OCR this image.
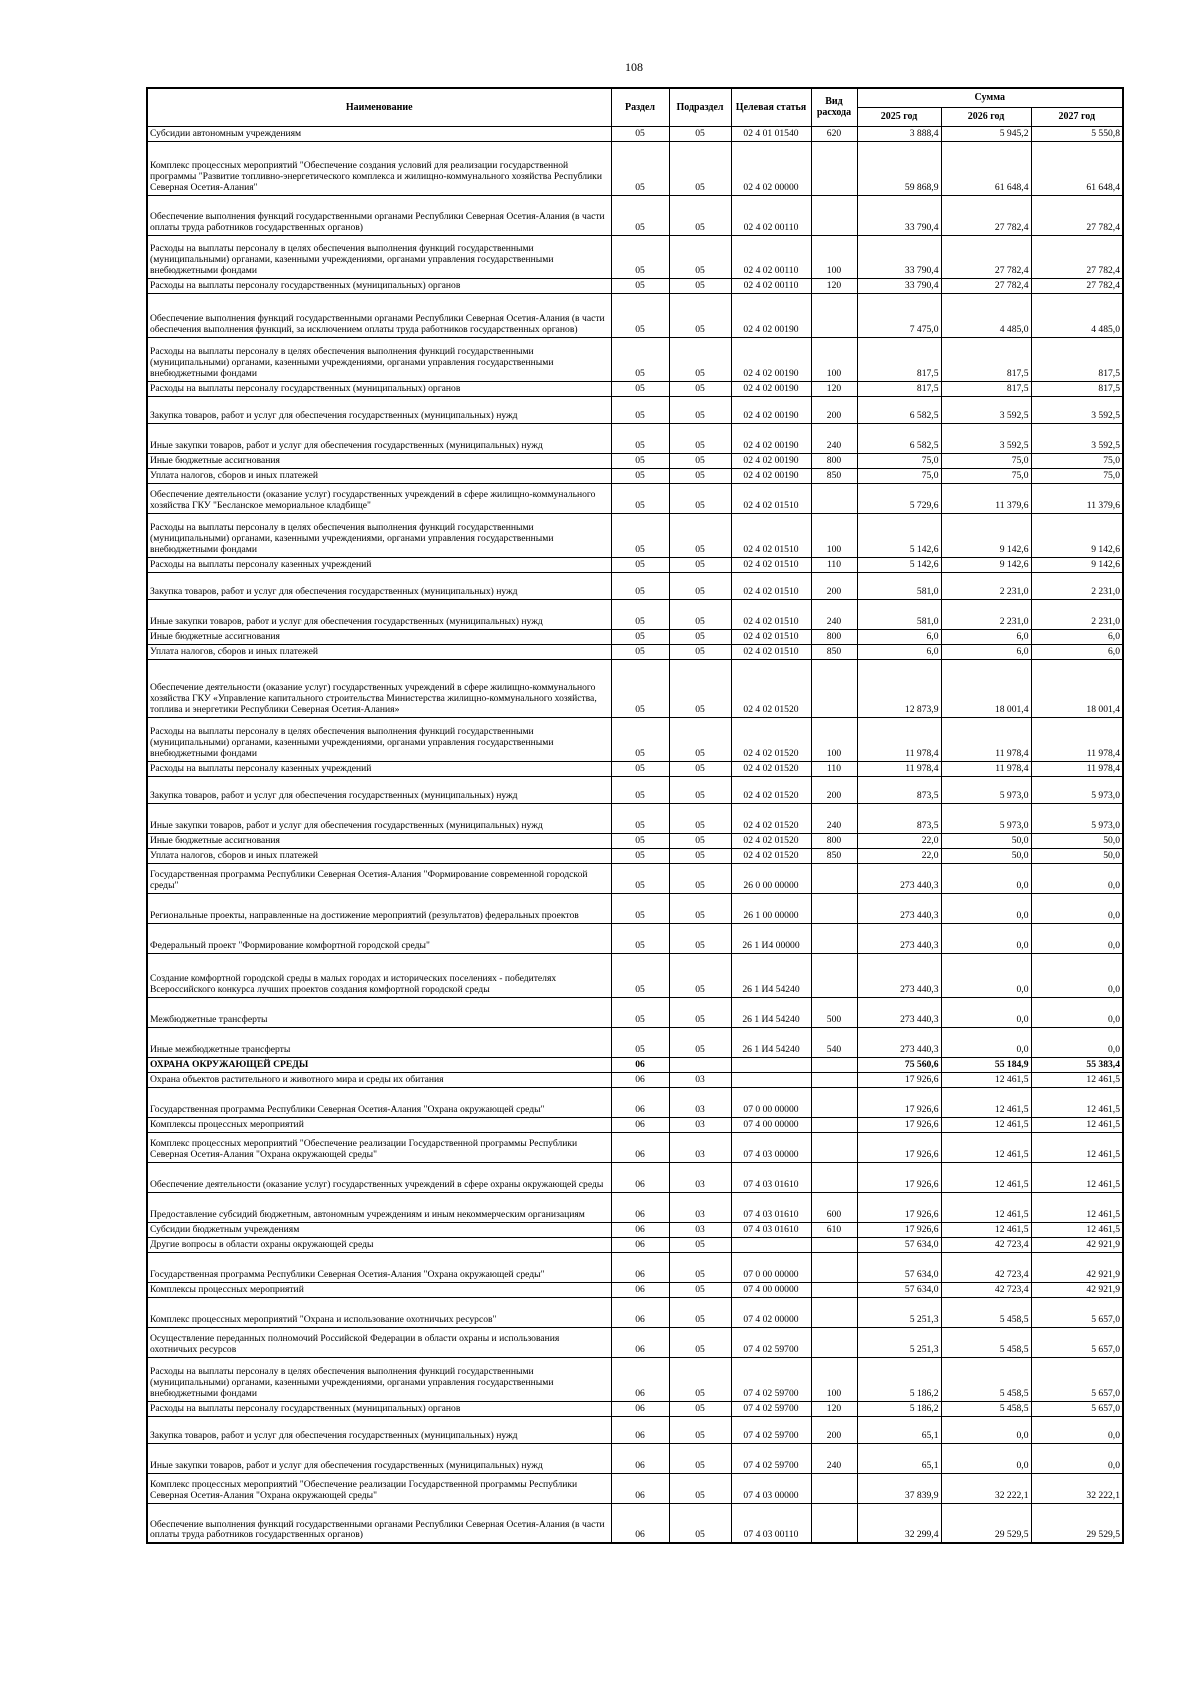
108
Наименование	Раздел	Подраздел	Целевая статья	Вид расхода	Сумма		
					2025 год	2026 год	2027 год
Субсидии автономным учреждениям	05	05	02 4 01 01540	620	3 888,4	5 945,2	5 550,8
Комплекс процессных мероприятий "Обеспечение создания условий для реализации государственной программы "Развитие топливно-энергетического комплекса и жилищно-коммунального хозяйства Республики Северная Осетия-Алания"	05	05	02 4 02 00000		59 868,9	61 648,4	61 648,4
Обеспечение выполнения функций государственными органами Республики Северная Осетия-Алания (в части оплаты труда работников государственных органов)	05	05	02 4 02 00110		33 790,4	27 782,4	27 782,4
Расходы на выплаты персоналу в целях обеспечения выполнения функций государственными (муниципальными) органами, казенными учреждениями, органами управления государственными внебюджетными фондами	05	05	02 4 02 00110	100	33 790,4	27 782,4	27 782,4
Расходы на выплаты персоналу государственных (муниципальных) органов	05	05	02 4 02 00110	120	33 790,4	27 782,4	27 782,4
Обеспечение выполнения функций государственными органами Республики Северная Осетия-Алания (в части обеспечения выполнения функций, за исключением оплаты труда работников государственных органов)	05	05	02 4 02 00190		7 475,0	4 485,0	4 485,0
Расходы на выплаты персоналу в целях обеспечения выполнения функций государственными (муниципальными) органами, казенными учреждениями, органами управления государственными внебюджетными фондами	05	05	02 4 02 00190	100	817,5	817,5	817,5
Расходы на выплаты персоналу государственных (муниципальных) органов	05	05	02 4 02 00190	120	817,5	817,5	817,5
Закупка товаров, работ и услуг для обеспечения государственных (муниципальных) нужд	05	05	02 4 02 00190	200	6 582,5	3 592,5	3 592,5
Иные закупки товаров, работ и услуг для обеспечения государственных (муниципальных) нужд	05	05	02 4 02 00190	240	6 582,5	3 592,5	3 592,5
Иные бюджетные ассигнования	05	05	02 4 02 00190	800	75,0	75,0	75,0
Уплата налогов, сборов и иных платежей	05	05	02 4 02 00190	850	75,0	75,0	75,0
Обеспечение деятельности (оказание услуг) государственных учреждений в сфере жилищно-коммунального хозяйства ГКУ "Бесланское мемориальное кладбище"	05	05	02 4 02 01510		5 729,6	11 379,6	11 379,6
Расходы на выплаты персоналу в целях обеспечения выполнения функций государственными (муниципальными) органами, казенными учреждениями, органами управления государственными внебюджетными фондами	05	05	02 4 02 01510	100	5 142,6	9 142,6	9 142,6
Расходы на выплаты персоналу казенных учреждений	05	05	02 4 02 01510	110	5 142,6	9 142,6	9 142,6
Закупка товаров, работ и услуг для обеспечения государственных (муниципальных) нужд	05	05	02 4 02 01510	200	581,0	2 231,0	2 231,0
Иные закупки товаров, работ и услуг для обеспечения государственных (муниципальных) нужд	05	05	02 4 02 01510	240	581,0	2 231,0	2 231,0
Иные бюджетные ассигнования	05	05	02 4 02 01510	800	6,0	6,0	6,0
Уплата налогов, сборов и иных платежей	05	05	02 4 02 01510	850	6,0	6,0	6,0
Обеспечение деятельности (оказание услуг) государственных учреждений в сфере жилищно-коммунального хозяйства ГКУ «Управление капитального строительства Министерства жилищно-коммунального хозяйства, топлива и энергетики Республики Северная Осетия-Алания»	05	05	02 4 02 01520		12 873,9	18 001,4	18 001,4
Расходы на выплаты персоналу в целях обеспечения выполнения функций государственными (муниципальными) органами, казенными учреждениями, органами управления государственными внебюджетными фондами	05	05	02 4 02 01520	100	11 978,4	11 978,4	11 978,4
Расходы на выплаты персоналу казенных учреждений	05	05	02 4 02 01520	110	11 978,4	11 978,4	11 978,4
Закупка товаров, работ и услуг для обеспечения государственных (муниципальных) нужд	05	05	02 4 02 01520	200	873,5	5 973,0	5 973,0
Иные закупки товаров, работ и услуг для обеспечения государственных (муниципальных) нужд	05	05	02 4 02 01520	240	873,5	5 973,0	5 973,0
Иные бюджетные ассигнования	05	05	02 4 02 01520	800	22,0	50,0	50,0
Уплата налогов, сборов и иных платежей	05	05	02 4 02 01520	850	22,0	50,0	50,0
Государственная программа Республики Северная Осетия-Алания "Формирование современной городской среды"	05	05	26 0 00 00000		273 440,3	0,0	0,0
Региональные проекты, направленные на достижение мероприятий (результатов) федеральных проектов	05	05	26 1 00 00000		273 440,3	0,0	0,0
Федеральный проект "Формирование комфортной городской среды"	05	05	26 1 И4 00000		273 440,3	0,0	0,0
Создание комфортной городской среды в малых городах и исторических поселениях - победителях Всероссийского конкурса лучших проектов создания комфортной городской среды	05	05	26 1 И4 54240		273 440,3	0,0	0,0
Межбюджетные трансферты	05	05	26 1 И4 54240	500	273 440,3	0,0	0,0
Иные межбюджетные трансферты	05	05	26 1 И4 54240	540	273 440,3	0,0	0,0
ОХРАНА ОКРУЖАЮЩЕЙ СРЕДЫ	06				75 560,6	55 184,9	55 383,4
Охрана объектов растительного и животного мира и среды их обитания	06	03			17 926,6	12 461,5	12 461,5
Государственная программа Республики Северная Осетия-Алания "Охрана окружающей среды"	06	03	07 0 00 00000		17 926,6	12 461,5	12 461,5
Комплексы процессных мероприятий	06	03	07 4 00 00000		17 926,6	12 461,5	12 461,5
Комплекс процессных мероприятий "Обеспечение реализации Государственной программы Республики Северная Осетия-Алания "Охрана окружающей среды"	06	03	07 4 03 00000		17 926,6	12 461,5	12 461,5
Обеспечение деятельности (оказание услуг) государственных учреждений в сфере охраны окружающей среды	06	03	07 4 03 01610		17 926,6	12 461,5	12 461,5
Предоставление субсидий бюджетным, автономным учреждениям и иным некоммерческим организациям	06	03	07 4 03 01610	600	17 926,6	12 461,5	12 461,5
Субсидии бюджетным учреждениям	06	03	07 4 03 01610	610	17 926,6	12 461,5	12 461,5
Другие вопросы в области охраны окружающей среды	06	05			57 634,0	42 723,4	42 921,9
Государственная программа Республики Северная Осетия-Алания "Охрана окружающей среды"	06	05	07 0 00 00000		57 634,0	42 723,4	42 921,9
Комплексы процессных мероприятий	06	05	07 4 00 00000		57 634,0	42 723,4	42 921,9
Комплекс процессных мероприятий "Охрана и использование охотничьих ресурсов"	06	05	07 4 02 00000		5 251,3	5 458,5	5 657,0
Осуществление переданных полномочий Российской Федерации в области охраны и использования охотничьих ресурсов	06	05	07 4 02 59700		5 251,3	5 458,5	5 657,0
Расходы на выплаты персоналу в целях обеспечения выполнения функций государственными (муниципальными) органами, казенными учреждениями, органами управления государственными внебюджетными фондами	06	05	07 4 02 59700	100	5 186,2	5 458,5	5 657,0
Расходы на выплаты персоналу государственных (муниципальных) органов	06	05	07 4 02 59700	120	5 186,2	5 458,5	5 657,0
Закупка товаров, работ и услуг для обеспечения государственных (муниципальных) нужд	06	05	07 4 02 59700	200	65,1	0,0	0,0
Иные закупки товаров, работ и услуг для обеспечения государственных (муниципальных) нужд	06	05	07 4 02 59700	240	65,1	0,0	0,0
Комплекс процессных мероприятий "Обеспечение реализации Государственной программы Республики Северная Осетия-Алания "Охрана окружающей среды"	06	05	07 4 03 00000		37 839,9	32 222,1	32 222,1
Обеспечение выполнения функций государственными органами Республики Северная Осетия-Алания (в части оплаты труда работников государственных органов)	06	05	07 4 03 00110		32 299,4	29 529,5	29 529,5
